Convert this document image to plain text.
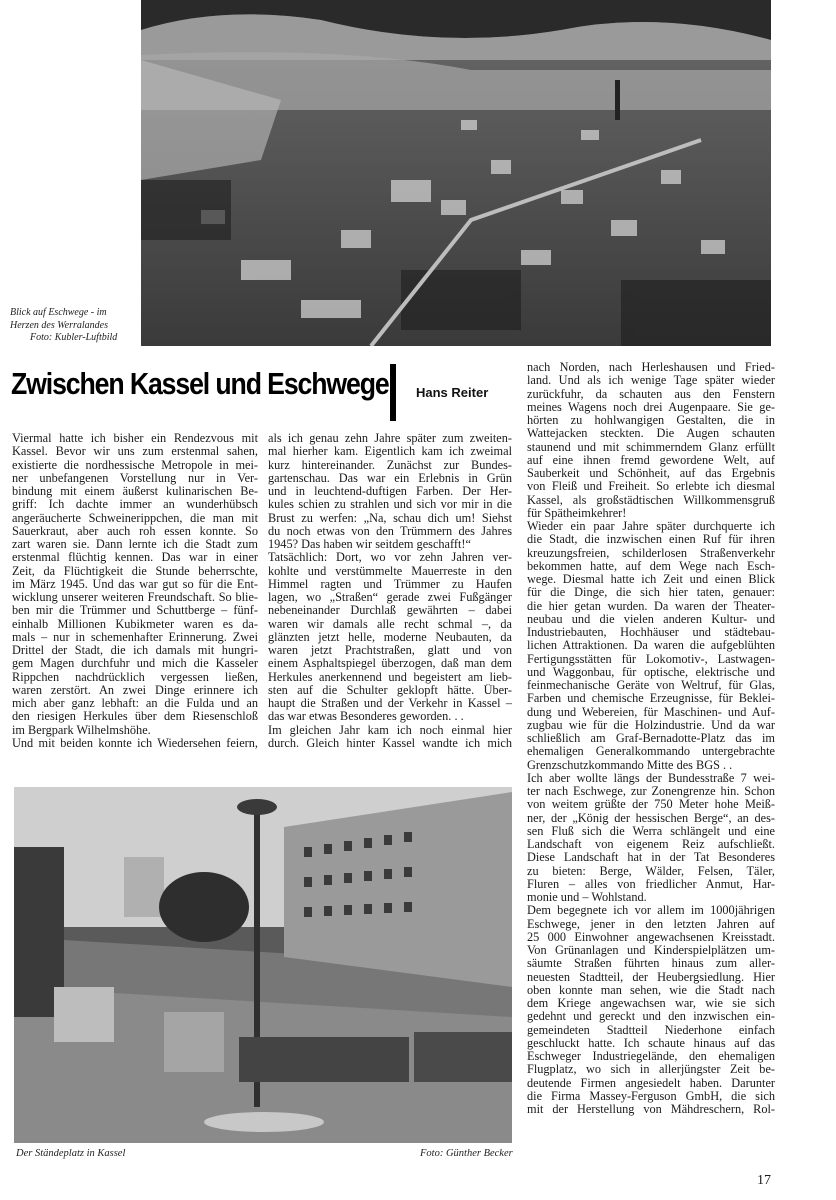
Blick auf Eschwege - im
Herzen des Werralandes
Foto: Kubler-Luftbild
Zwischen Kassel und Eschwege Hans Reiter
Viermal hatte ich bisher ein Rendezvous mit
Kassel. Bevor wir uns zum erstenmal sahen,
existierte die nordhessische Metropole in mei-
ner unbefangenen Vorstellung nur in Ver-
bindung mit einem äußerst kulinarischen Be-
griff: Ich dachte immer an wunderhübsch
angeräucherte Schweinerippchen, die man mit
Sauerkraut, aber auch roh essen konnte. So
zart waren sie. Dann lernte ich die Stadt zum
erstenmal flüchtig kennen. Das war in einer
Zeit, da Flüchtigkeit die Stunde beherrschte,
im März 1945. Und das war gut so für die Ent-
wicklung unserer weiteren Freundschaft. So blie-
ben mir die Trümmer und Schuttberge – fünf-
einhalb Millionen Kubikmeter waren es da-
mals – nur in schemenhafter Erinnerung. Zwei
Drittel der Stadt, die ich damals mit hungri-
gem Magen durchfuhr und mich die Kasseler
Rippchen nachdrücklich vergessen ließen,
waren zerstört. An zwei Dinge erinnere ich
mich aber ganz lebhaft: an die Fulda und an
den riesigen Herkules über dem Riesenschloß
im Bergpark Wilhelmshöhe.
Und mit beiden konnte ich Wiedersehen feiern,
als ich genau zehn Jahre später zum zweiten-
mal hierher kam. Eigentlich kam ich zweimal
kurz hintereinander. Zunächst zur Bundes-
gartenschau. Das war ein Erlebnis in Grün
und in leuchtend-duftigen Farben. Der Her-
kules schien zu strahlen und sich vor mir in die
Brust zu werfen: „Na, schau dich um! Siehst
du noch etwas von den Trümmern des Jahres
1945? Das haben wir seitdem geschafft!“
Tatsächlich: Dort, wo vor zehn Jahren ver-
kohlte und verstümmelte Mauerreste in den
Himmel ragten und Trümmer zu Haufen
lagen, wo „Straßen“ gerade zwei Fußgänger
nebeneinander Durchlaß gewährten – dabei
waren wir damals alle recht schmal –, da
glänzten jetzt helle, moderne Neubauten, da
waren jetzt Prachtstraßen, glatt und von
einem Asphaltspiegel überzogen, daß man dem
Herkules anerkennend und begeistert am lieb-
sten auf die Schulter geklopft hätte. Über-
haupt die Straßen und der Verkehr in Kassel –
das war etwas Besonderes geworden. . .
Im gleichen Jahr kam ich noch einmal hier
durch. Gleich hinter Kassel wandte ich mich
nach Norden, nach Herleshausen und Fried-
land. Und als ich wenige Tage später wieder
zurückfuhr, da schauten aus den Fenstern
meines Wagens noch drei Augenpaare. Sie ge-
hörten zu hohlwangigen Gestalten, die in
Wattejacken steckten. Die Augen schauten
staunend und mit schimmerndem Glanz erfüllt
auf eine ihnen fremd gewordene Welt, auf
Sauberkeit und Schönheit, auf das Ergebnis
von Fleiß und Freiheit. So erlebte ich diesmal
Kassel, als großstädtischen Willkommensgruß
für Spätheimkehrer!
Wieder ein paar Jahre später durchquerte ich
die Stadt, die inzwischen einen Ruf für ihren
kreuzungsfreien, schilderlosen Straßenverkehr
bekommen hatte, auf dem Wege nach Esch-
wege. Diesmal hatte ich Zeit und einen Blick
für die Dinge, die sich hier taten, genauer:
die hier getan wurden. Da waren der Theater-
neubau und die vielen anderen Kultur- und
Industriebauten, Hochhäuser und städtebau-
lichen Attraktionen. Da waren die aufgeblühten
Fertigungsstätten für Lokomotiv-, Lastwagen-
und Waggonbau, für optische, elektrische und
feinmechanische Geräte von Weltruf, für Glas,
Farben und chemische Erzeugnisse, für Beklei-
dung und Webereien, für Maschinen- und Auf-
zugbau wie für die Holzindustrie. Und da war
schließlich am Graf-Bernadotte-Platz das im
ehemaligen Generalkommando untergebrachte
Grenzschutzkommando Mitte des BGS . .
Ich aber wollte längs der Bundesstraße 7 wei-
ter nach Eschwege, zur Zonengrenze hin. Schon
von weitem grüßte der 750 Meter hohe Meiß-
ner, der „König der hessischen Berge“, an des-
sen Fluß sich die Werra schlängelt und eine
Landschaft von eigenem Reiz aufschließt.
Diese Landschaft hat in der Tat Besonderes
zu bieten: Berge, Wälder, Felsen, Täler,
Fluren – alles von friedlicher Anmut, Har-
monie und – Wohlstand.
Dem begegnete ich vor allem im 1000jährigen
Eschwege, jener in den letzten Jahren auf
25 000 Einwohner angewachsenen Kreisstadt.
Von Grünanlagen und Kinderspielplätzen um-
säumte Straßen führten hinaus zum aller-
neuesten Stadtteil, der Heubergsiedlung. Hier
oben konnte man sehen, wie die Stadt nach
dem Kriege angewachsen war, wie sie sich
gedehnt und gereckt und den inzwischen ein-
gemeindeten Stadtteil Niederhone einfach
geschluckt hatte. Ich schaute hinaus auf das
Eschweger Industriegelände, den ehemaligen
Flugplatz, wo sich in allerjüngster Zeit be-
deutende Firmen angesiedelt haben. Darunter
die Firma Massey-Ferguson GmbH, die sich
mit der Herstellung von Mähdreschern, Rol-
Der Ständeplatz in Kassel	Foto: Günther Becker
17
